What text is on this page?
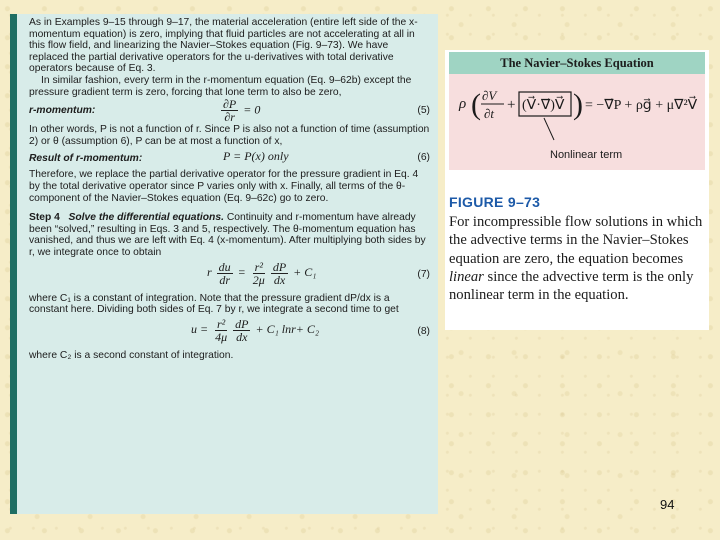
As in Examples 9–15 through 9–17, the material acceleration (entire left side of the x-momentum equation) is zero, implying that fluid particles are not accelerating at all in this flow field, and linearizing the Navier–Stokes equation (Fig. 9–73). We have replaced the partial derivative operators for the u-derivatives with total derivative operators because of Eq. 3.

In similar fashion, every term in the r-momentum equation (Eq. 9–62b) except the pressure gradient term is zero, forcing that lone term to also be zero,

r-momentum:	$\frac{\partial P}{\partial r} = 0$	(5)

In other words, P is not a function of r. Since P is also not a function of time (assumption 2) or θ (assumption 6), P can be at most a function of x,

Result of r-momentum:	P = P(x) only	(6)

Therefore, we replace the partial derivative operator for the pressure gradient in Eq. 4 by the total derivative operator since P varies only with x. Finally, all terms of the θ-component of the Navier–Stokes equation (Eq. 9–62c) go to zero.

Step 4 Solve the differential equations. Continuity and r-momentum have already been “solved,” resulting in Eqs. 3 and 5, respectively. The θ-momentum equation has vanished, and thus we are left with Eq. 4 (x-momentum). After multiplying both sides by r, we integrate once to obtain

r
$\frac{du}{dr} = \frac{\text{r²}}{2\mu} \frac{dP}{dx} + C_1$	(7)

where C₁ is a constant of integration. Note that the pressure gradient dP/dx is a constant here. Dividing both sides of Eq. 7 by r, we integrate a second time to get

$u = \frac{\text{r²}}{4\mu} \frac{dP}{dx} + C_1$ ln r + C₂	(8)

where C₂ is a second constant of integration.

The Navier–Stokes Equation
ρ ( ∂V⃗
∂t
+ (V⃗·∇⃗)V⃗ ) = −∇⃗P + ρg⃗ + μ∇²V⃗
Nonlinear term
FIGURE 9–73
For incompressible flow solutions in which the advective terms in the Navier–Stokes equation are zero, the equation becomes linear since the advective term is the only nonlinear term in the equation.
94
